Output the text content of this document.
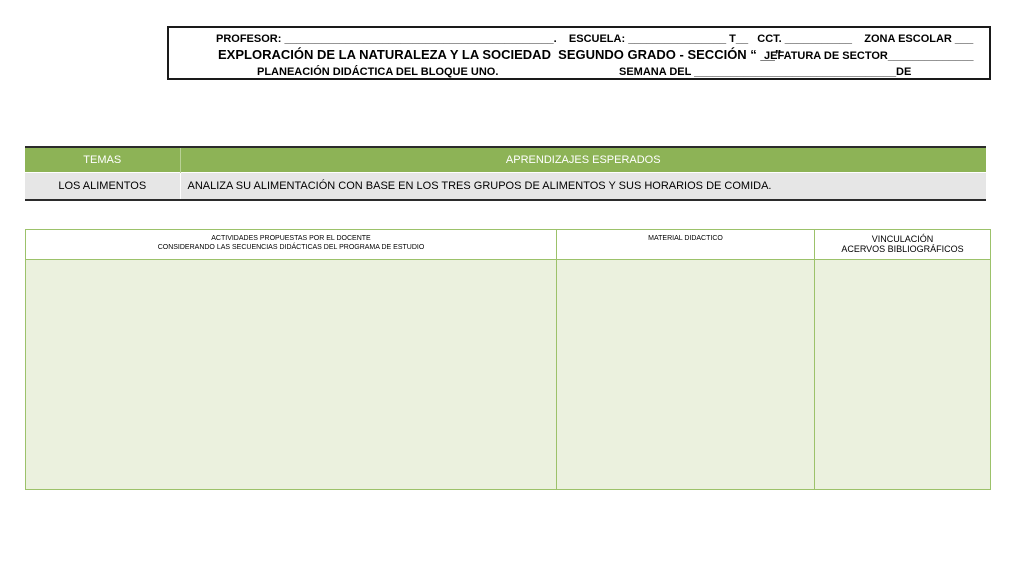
PROFESOR: ____________________________________________.    ESCUELA: ________________ T__   CCT. ___________    ZONA ESCOLAR ___
EXPLORACIÓN DE LA NATURALEZA Y LA SOCIEDAD  SEGUNDO GRADO - SECCIÓN “ __”
JEFATURA DE SECTOR______________
PLANEACIÓN DIDÁCTICA DEL BLOQUE UNO.	SEMANA DEL _________________________________DE
TEMAS	APRENDIZAJES ESPERADOS
LOS ALIMENTOS	ANALIZA SU ALIMENTACIÓN CON BASE EN LOS TRES GRUPOS DE ALIMENTOS Y SUS HORARIOS DE COMIDA.
ACTIVIDADES PROPUESTAS POR EL DOCENTE
CONSIDERANDO LAS SECUENCIAS DIDÁCTICAS DEL PROGRAMA DE ESTUDIO	MATERIAL DIDACTICO	VINCULACIÓN
ACERVOS BIBLIOGRÁFICOS
